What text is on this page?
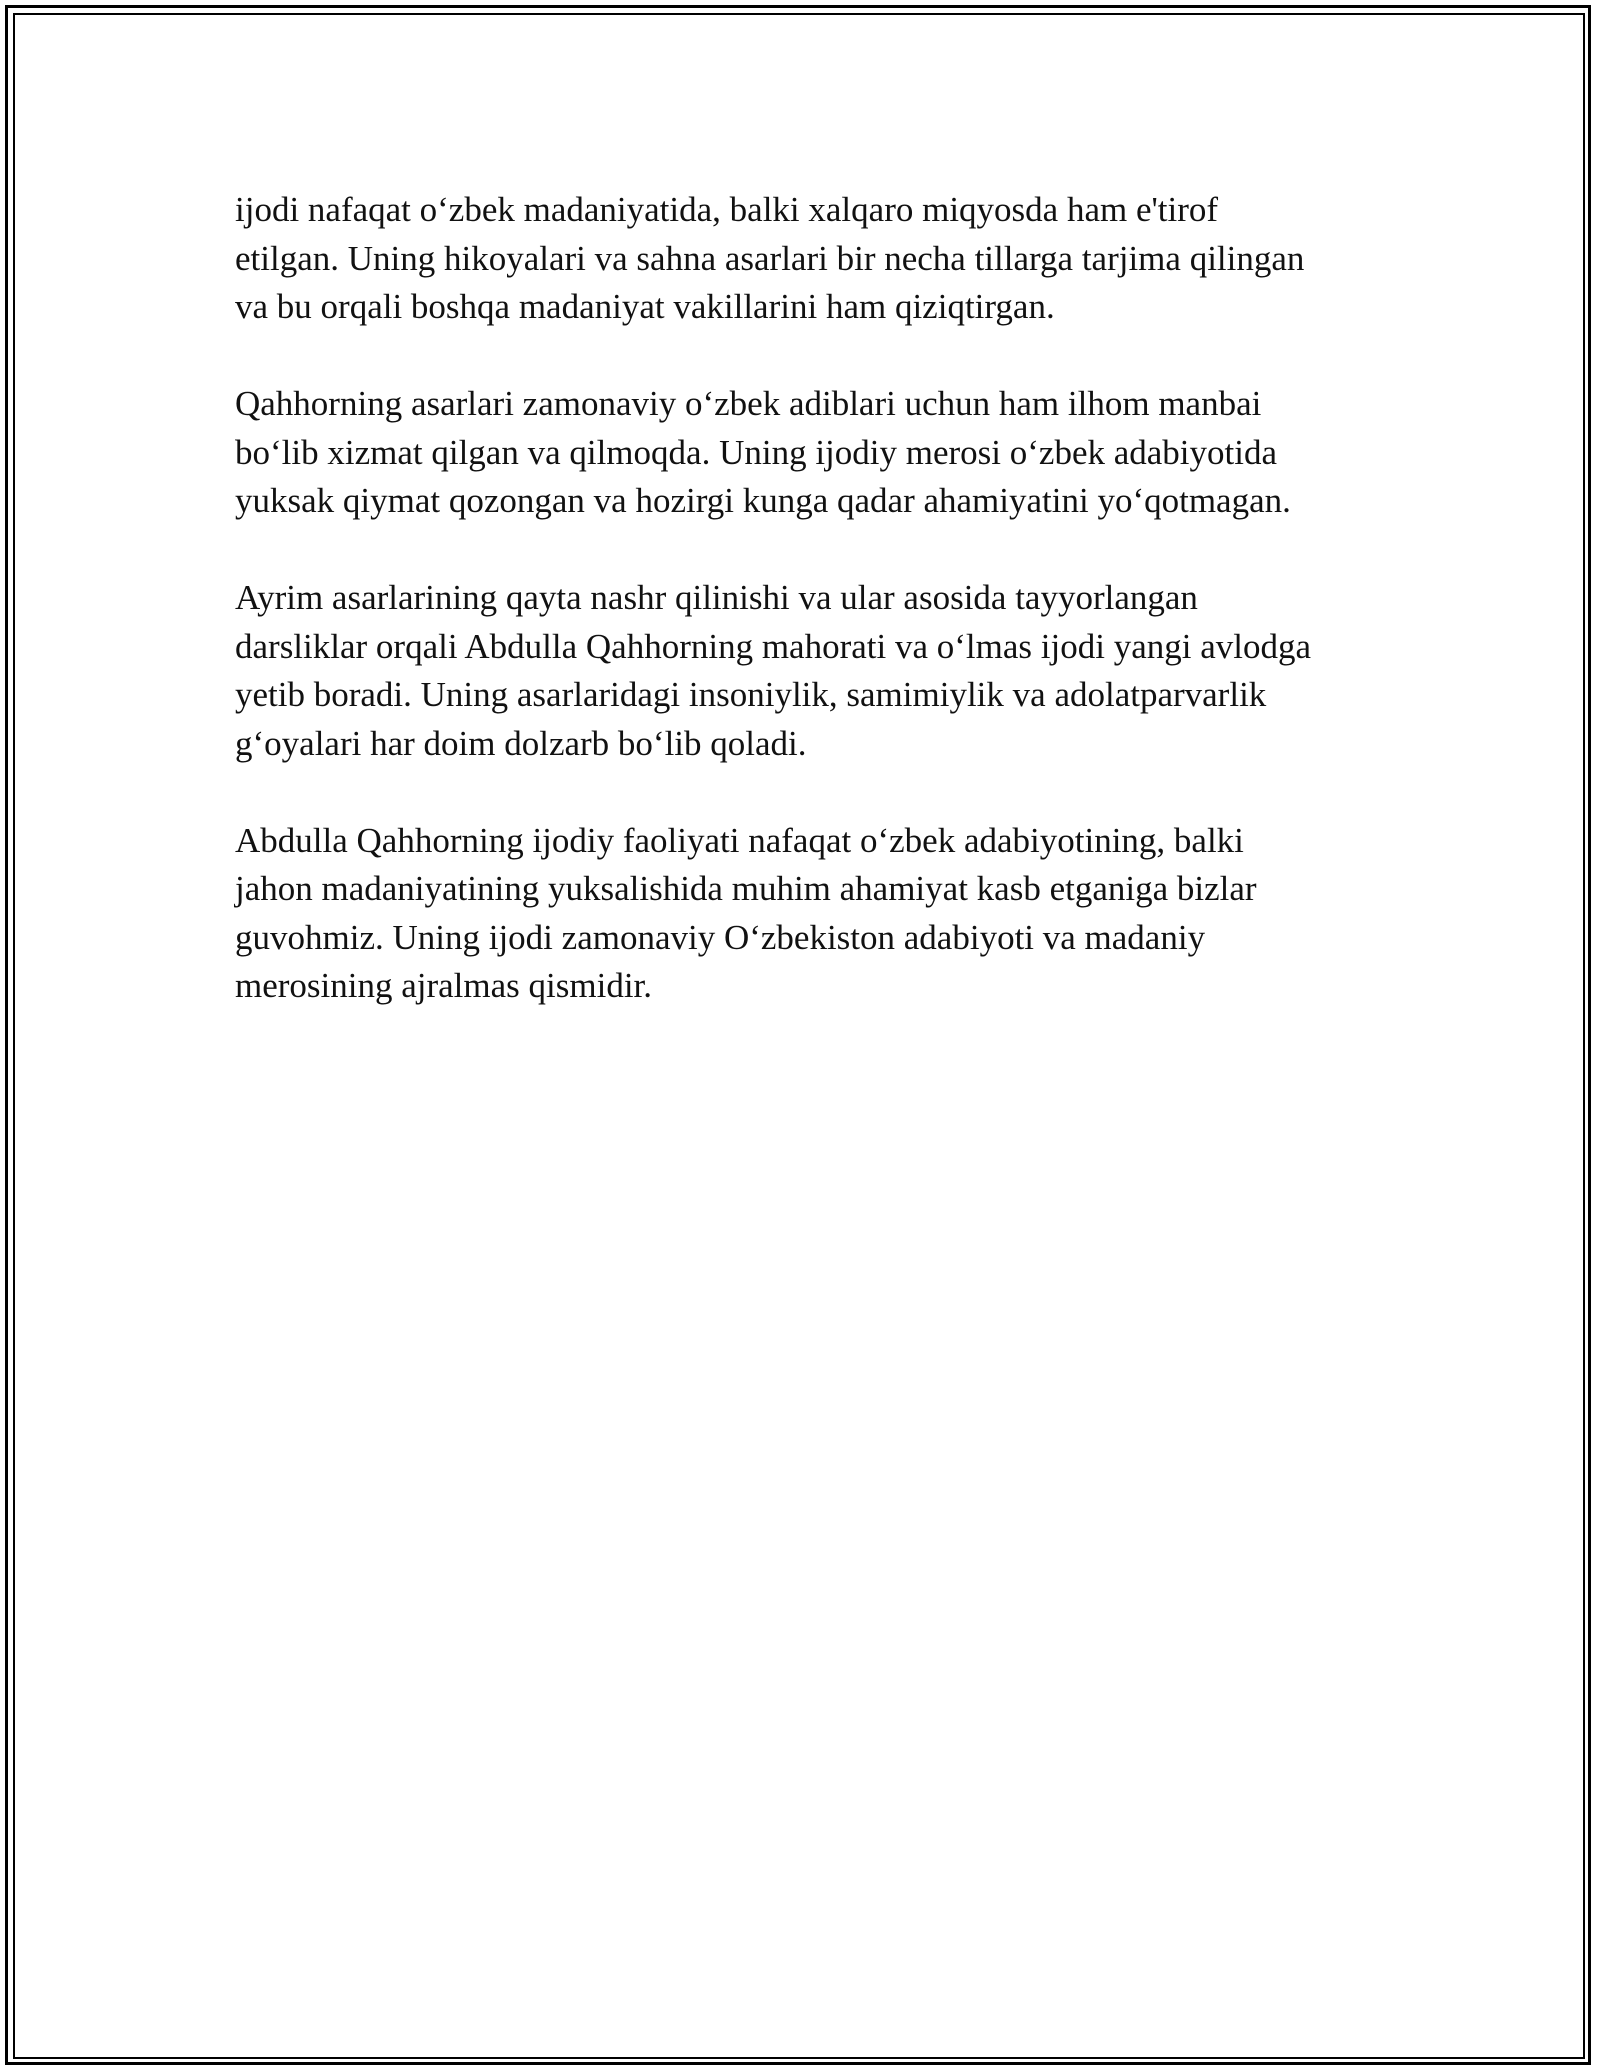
ijodi nafaqat o‘zbek madaniyatida, balki xalqaro miqyosda ham e'tirof
etilgan. Uning hikoyalari va sahna asarlari bir necha tillarga tarjima qilingan
va bu orqali boshqa madaniyat vakillarini ham qiziqtirgan.

Qahhorning asarlari zamonaviy o‘zbek adiblari uchun ham ilhom manbai
bo‘lib xizmat qilgan va qilmoqda. Uning ijodiy merosi o‘zbek adabiyotida
yuksak qiymat qozongan va hozirgi kunga qadar ahamiyatini yo‘qotmagan.

Ayrim asarlarining qayta nashr qilinishi va ular asosida tayyorlangan
darsliklar orqali Abdulla Qahhorning mahorati va o‘lmas ijodi yangi avlodga
yetib boradi. Uning asarlaridagi insoniylik, samimiylik va adolatparvarlik
g‘oyalari har doim dolzarb bo‘lib qoladi.

Abdulla Qahhorning ijodiy faoliyati nafaqat o‘zbek adabiyotining, balki
jahon madaniyatining yuksalishida muhim ahamiyat kasb etganiga bizlar
guvohmiz. Uning ijodi zamonaviy O‘zbekiston adabiyoti va madaniy
merosining ajralmas qismidir.
